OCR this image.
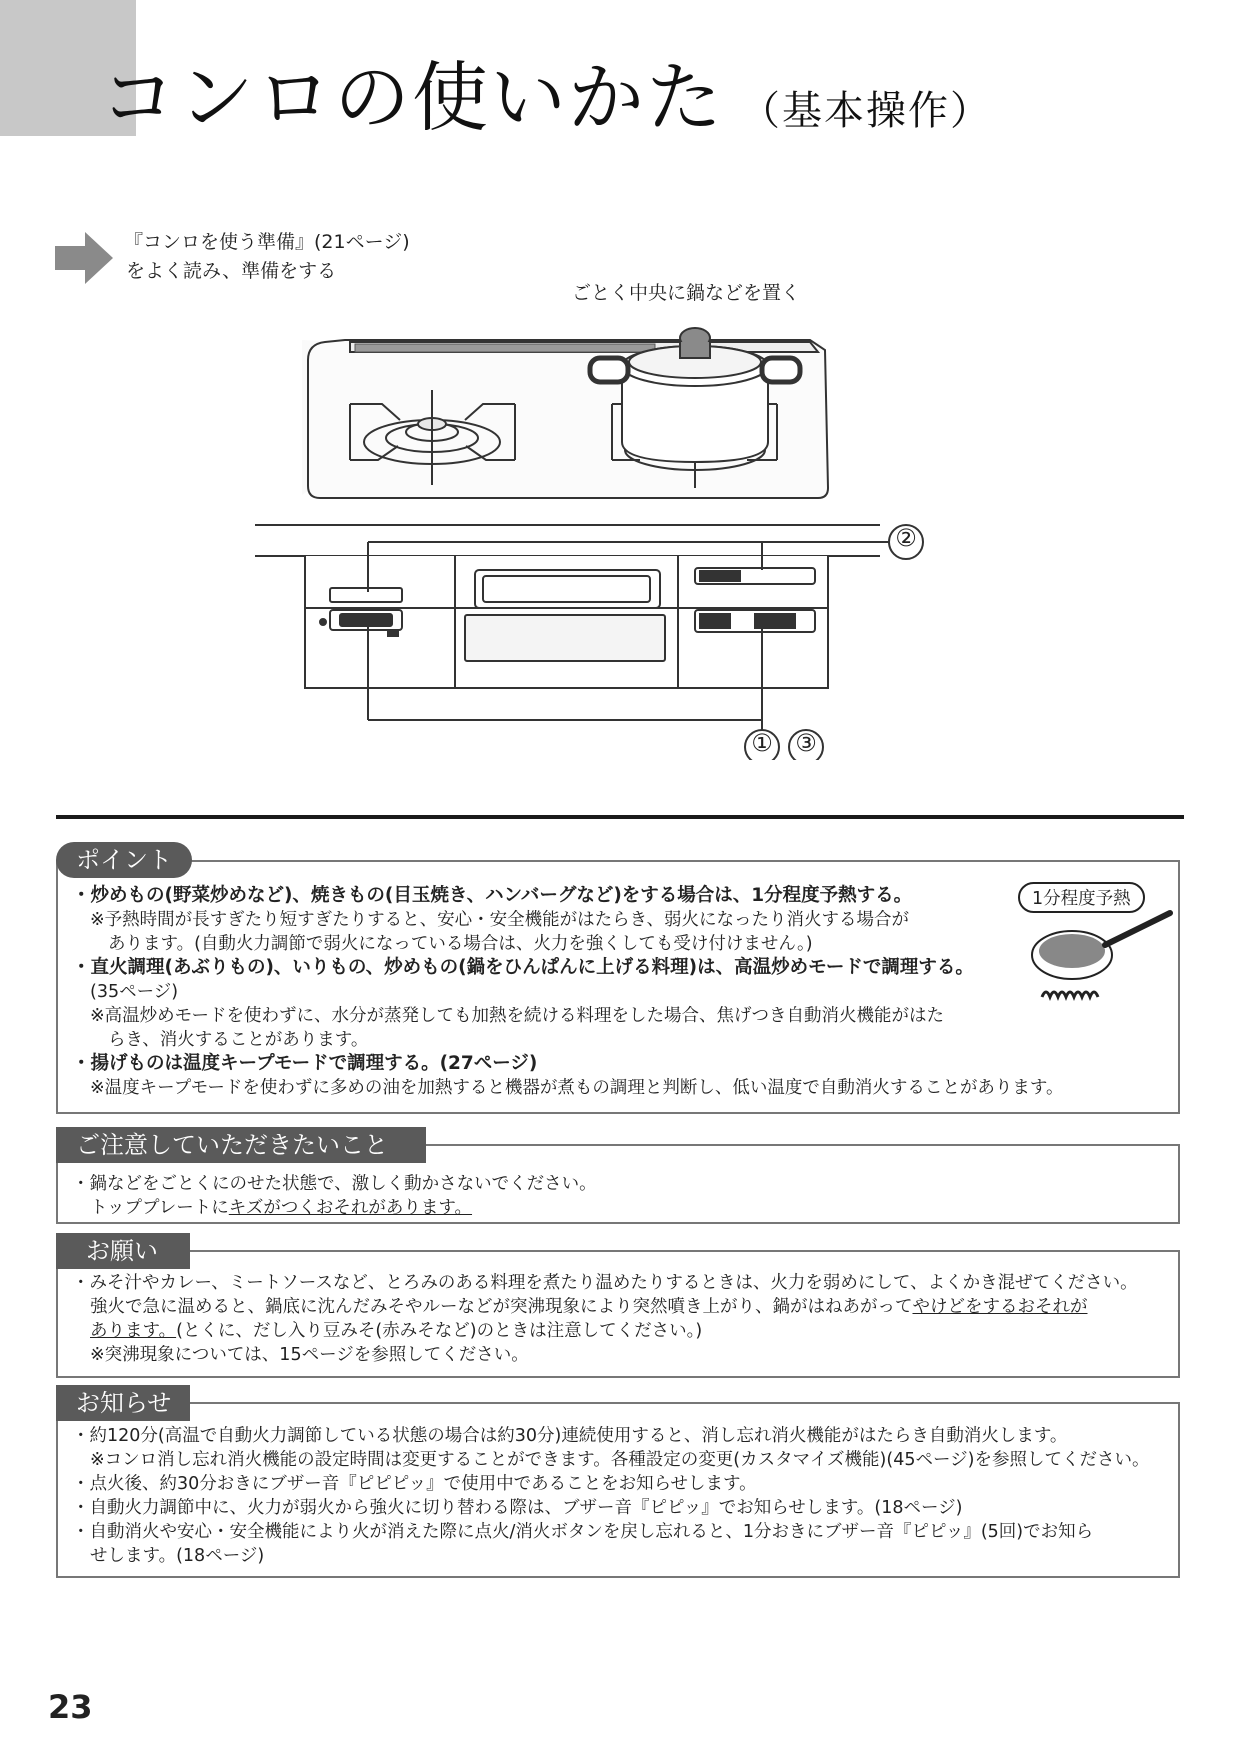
コンロの使いかた （基本操作）
『コンロを使う準備』(21ページ)
をよく読み、準備をする
ごとく中央に鍋などを置く
②
① ③
ポイント
1分程度予熱
・炒めもの(野菜炒めなど)、焼きもの(目玉焼き、ハンバーグなど)をする場合は、1分程度予熱する。
※予熱時間が長すぎたり短すぎたりすると、安心・安全機能がはたらき、弱火になったり消火する場合が
あります。(自動火力調節で弱火になっている場合は、火力を強くしても受け付けません。)
・直火調理(あぶりもの)、いりもの、炒めもの(鍋をひんぱんに上げる料理)は、高温炒めモードで調理する。
(35ページ)
※高温炒めモードを使わずに、水分が蒸発しても加熱を続ける料理をした場合、焦げつき自動消火機能がはた
らき、消火することがあります。
・揚げものは温度キープモードで調理する。(27ページ)
※温度キープモードを使わずに多めの油を加熱すると機器が煮もの調理と判断し、低い温度で自動消火することがあります。
ご注意していただきたいこと
・鍋などをごとくにのせた状態で、激しく動かさないでください。
トッププレートにキズがつくおそれがあります。
お願い
・みそ汁やカレー、ミートソースなど、とろみのある料理を煮たり温めたりするときは、火力を弱めにして、よくかき混ぜてください。
強火で急に温めると、鍋底に沈んだみそやルーなどが突沸現象により突然噴き上がり、鍋がはねあがってやけどをするおそれが
あります。(とくに、だし入り豆みそ(赤みそなど)のときは注意してください。)
※突沸現象については、15ページを参照してください。
お知らせ
・約120分(高温で自動火力調節している状態の場合は約30分)連続使用すると、消し忘れ消火機能がはたらき自動消火します。
※コンロ消し忘れ消火機能の設定時間は変更することができます。各種設定の変更(カスタマイズ機能)(45ページ)を参照してください。
・点火後、約30分おきにブザー音『ピピピッ』で使用中であることをお知らせします。
・自動火力調節中に、火力が弱火から強火に切り替わる際は、ブザー音『ピピッ』でお知らせします。(18ページ)
・自動消火や安心・安全機能により火が消えた際に点火/消火ボタンを戻し忘れると、1分おきにブザー音『ピピッ』(5回)でお知ら
せします。(18ページ)
23
